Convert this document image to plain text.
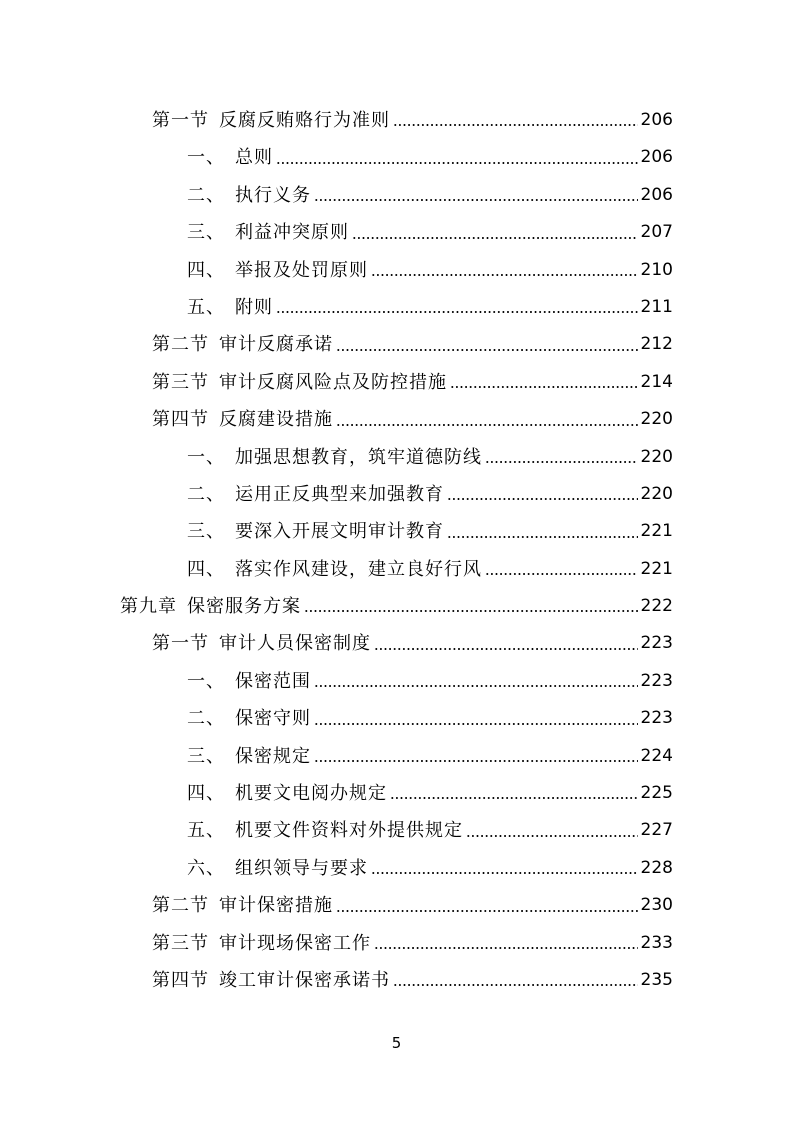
第一节 反腐反贿赂行为准则	206
一、 总则	206
二、 执行义务	206
三、 利益冲突原则	207
四、 举报及处罚原则	210
五、 附则	211
第二节 审计反腐承诺	212
第三节 审计反腐风险点及防控措施	214
第四节 反腐建设措施	220
一、 加强思想教育，筑牢道德防线	220
二、 运用正反典型来加强教育	220
三、 要深入开展文明审计教育	221
四、 落实作风建设，建立良好行风	221
第九章 保密服务方案	222
第一节 审计人员保密制度	223
一、 保密范围	223
二、 保密守则	223
三、 保密规定	224
四、 机要文电阅办规定	225
五、 机要文件资料对外提供规定	227
六、 组织领导与要求	228
第二节 审计保密措施	230
第三节 审计现场保密工作	233
第四节 竣工审计保密承诺书	235
5
